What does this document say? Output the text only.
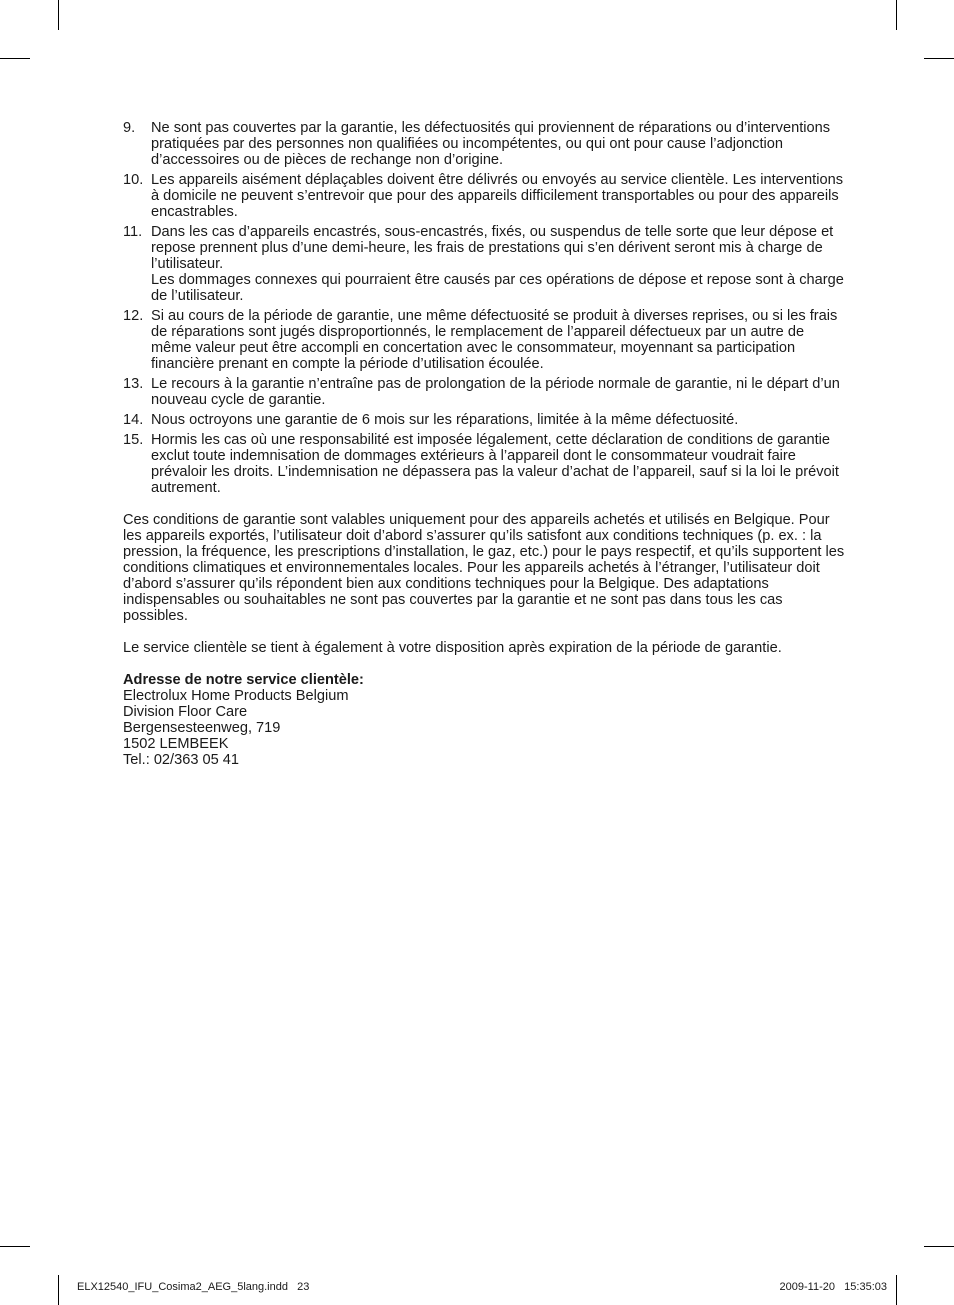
9. Ne sont pas couvertes par la garantie, les défectuosités qui proviennent de réparations ou d’interventions pratiquées par des personnes non qualifiées ou incompétentes, ou qui ont pour cause l’adjonction d’accessoires ou de pièces de rechange non d’origine.
10. Les appareils aisément déplaçables doivent être délivrés ou envoyés au service clientèle. Les interventions à domicile ne peuvent s’entrevoir que pour des appareils difficilement transportables ou pour des appareils encastrables.
11. Dans les cas d’appareils encastrés, sous-encastrés, fixés, ou suspendus de telle sorte que leur dépose et repose prennent plus d’une demi-heure, les frais de prestations qui s’en dérivent seront mis à charge de l’utilisateur.
Les dommages connexes qui pourraient être causés par ces opérations de dépose et repose sont à charge de l’utilisateur.
12. Si au cours de la période de garantie, une même défectuosité se produit à diverses reprises, ou si les frais de réparations sont jugés disproportionnés, le remplacement de l’appareil défectueux par un autre de même valeur peut être accompli en concertation avec le consommateur, moyennant sa participation financière prenant en compte la période d’utilisation écoulée.
13. Le recours à la garantie n’entraîne pas de prolongation de la période normale de garantie, ni le départ d’un nouveau cycle de garantie.
14. Nous octroyons une garantie de 6 mois sur les réparations, limitée à la même défectuosité.
15. Hormis les cas où une responsabilité est imposée légalement, cette déclaration de conditions de garantie exclut toute indemnisation de dommages extérieurs à l’appareil dont le consommateur voudrait faire prévaloir les droits. L’indemnisation ne dépassera pas la valeur d’achat de l’appareil, sauf si la loi le prévoit autrement.

Ces conditions de garantie sont valables uniquement pour des appareils achetés et utilisés en Belgique. Pour les appareils exportés, l’utilisateur doit d’abord s’assurer qu’ils satisfont aux conditions techniques (p. ex. : la pression, la fréquence, les prescriptions d’installation, le gaz, etc.) pour le pays respectif, et qu’ils supportent les conditions climatiques et environnementales locales. Pour les appareils achetés à l’étranger, l’utilisateur doit d’abord s’assurer qu’ils répondent bien aux conditions techniques pour la Belgique. Des adaptations indispensables ou souhaitables ne sont pas couvertes par la garantie et ne sont pas dans tous les cas possibles.

Le service clientèle se tient à également à votre disposition après expiration de la période de garantie.

Adresse de notre service clientèle:
Electrolux Home Products Belgium
Division Floor Care
Bergensesteenweg, 719
1502 LEMBEEK
Tel.: 02/363 05 41
ELX12540_IFU_Cosima2_AEG_5lang.indd   23	2009-11-20   15:35:03
